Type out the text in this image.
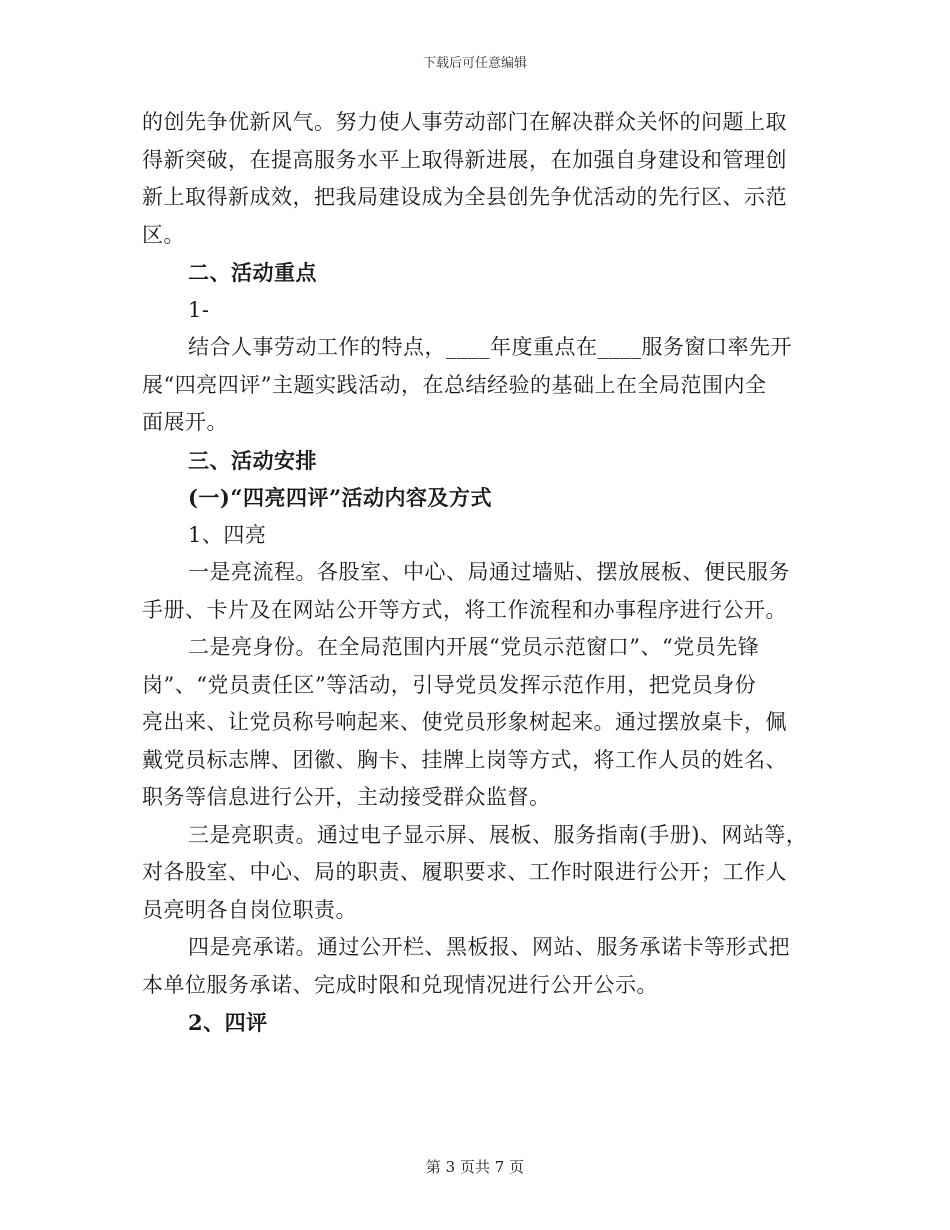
下载后可任意编辑

的创先争优新风气。努力使人事劳动部门在解决群众关怀的问题上取

得新突破，在提高服务水平上取得新进展，在加强自身建设和管理创

新上取得新成效，把我局建设成为全县创先争优活动的先行区、示范

区。

二、活动重点

1-

结合人事劳动工作的特点，____年度重点在____服务窗口率先开

展“四亮四评”主题实践活动，在总结经验的基础上在全局范围内全

面展开。

三、活动安排

(一)“四亮四评”活动内容及方式

1、四亮

一是亮流程。各股室、中心、局通过墙贴、摆放展板、便民服务

手册、卡片及在网站公开等方式，将工作流程和办事程序进行公开。

二是亮身份。在全局范围内开展“党员示范窗口”、“党员先锋

岗”、“党员责任区”等活动，引导党员发挥示范作用，把党员身份

亮出来、让党员称号响起来、使党员形象树起来。通过摆放桌卡，佩

戴党员标志牌、团徽、胸卡、挂牌上岗等方式，将工作人员的姓名、

职务等信息进行公开，主动接受群众监督。

三是亮职责。通过电子显示屏、展板、服务指南(手册)、网站等，

对各股室、中心、局的职责、履职要求、工作时限进行公开；工作人

员亮明各自岗位职责。

四是亮承诺。通过公开栏、黑板报、网站、服务承诺卡等形式把

本单位服务承诺、完成时限和兑现情况进行公开公示。

2、四评

第 3 页共 7 页
